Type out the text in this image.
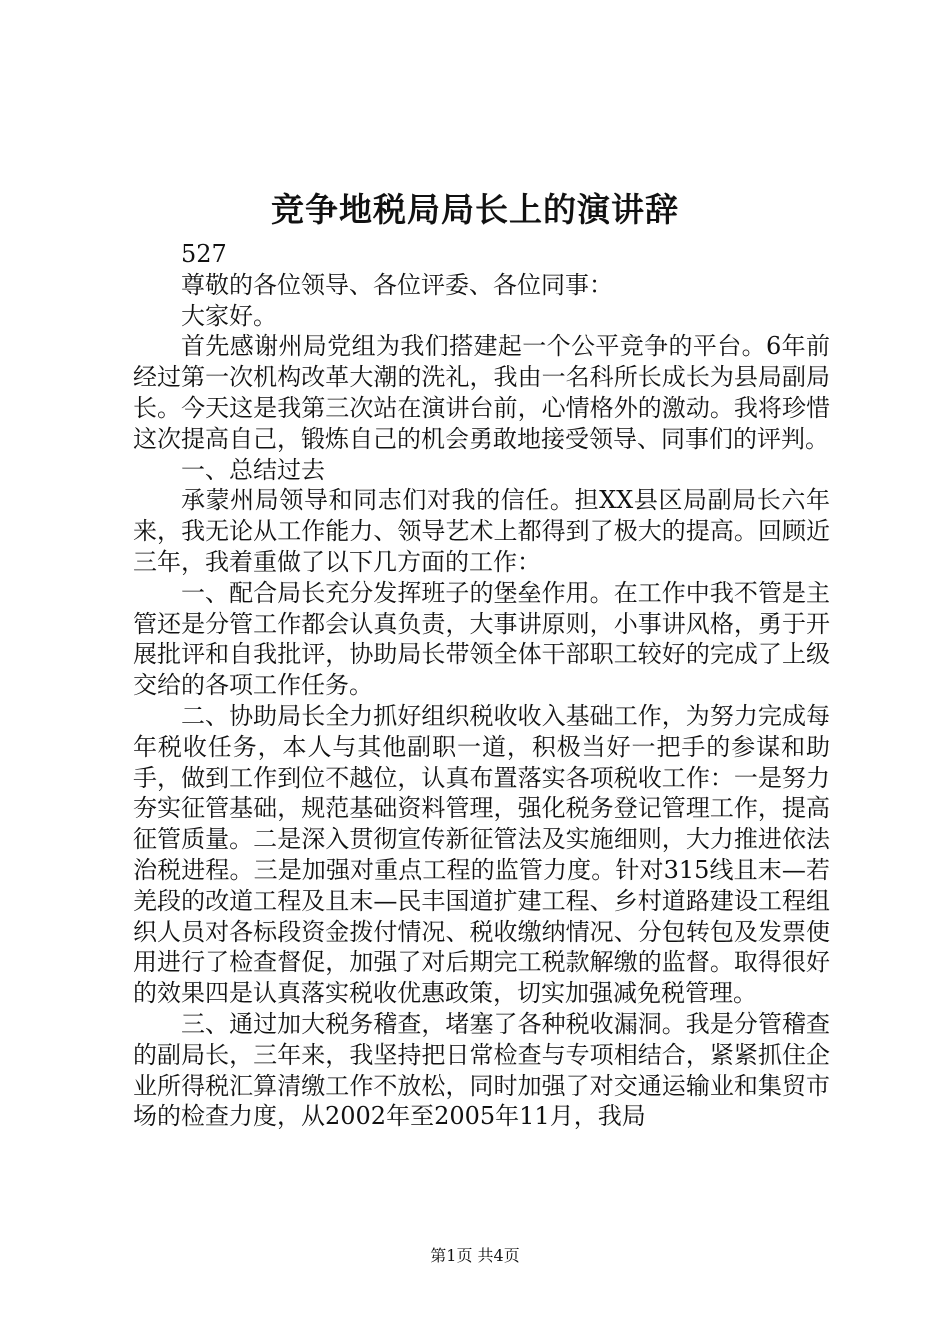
竞争地税局局长上的演讲辞

527

尊敬的各位领导、各位评委、各位同事：

大家好。

首先感谢州局党组为我们搭建起一个公平竞争的平台。6年前经过第一次机构改革大潮的洗礼，我由一名科所长成长为县局副局长。今天这是我第三次站在演讲台前，心情格外的激动。我将珍惜这次提高自己，锻炼自己的机会勇敢地接受领导、同事们的评判。

一、总结过去

承蒙州局领导和同志们对我的信任。担XX县区局副局长六年来，我无论从工作能力、领导艺术上都得到了极大的提高。回顾近三年，我着重做了以下几方面的工作：

一、配合局长充分发挥班子的堡垒作用。在工作中我不管是主管还是分管工作都会认真负责，大事讲原则，小事讲风格，勇于开展批评和自我批评，协助局长带领全体干部职工较好的完成了上级交给的各项工作任务。

二、协助局长全力抓好组织税收收入基础工作，为努力完成每年税收任务，本人与其他副职一道，积极当好一把手的参谋和助手，做到工作到位不越位，认真布置落实各项税收工作：一是努力夯实征管基础，规范基础资料管理，强化税务登记管理工作，提高征管质量。二是深入贯彻宣传新征管法及实施细则，大力推进依法治税进程。三是加强对重点工程的监管力度。针对315线且末—若羌段的改道工程及且末—民丰国道扩建工程、乡村道路建设工程组织人员对各标段资金拨付情况、税收缴纳情况、分包转包及发票使用进行了检查督促，加强了对后期完工税款解缴的监督。取得很好的效果四是认真落实税收优惠政策，切实加强减免税管理。

三、通过加大税务稽查，堵塞了各种税收漏洞。我是分管稽查的副局长，三年来，我坚持把日常检查与专项相结合，紧紧抓住企业所得税汇算清缴工作不放松，同时加强了对交通运输业和集贸市场的检查力度，从2002年至2005年11月，我局

第1页 共4页
